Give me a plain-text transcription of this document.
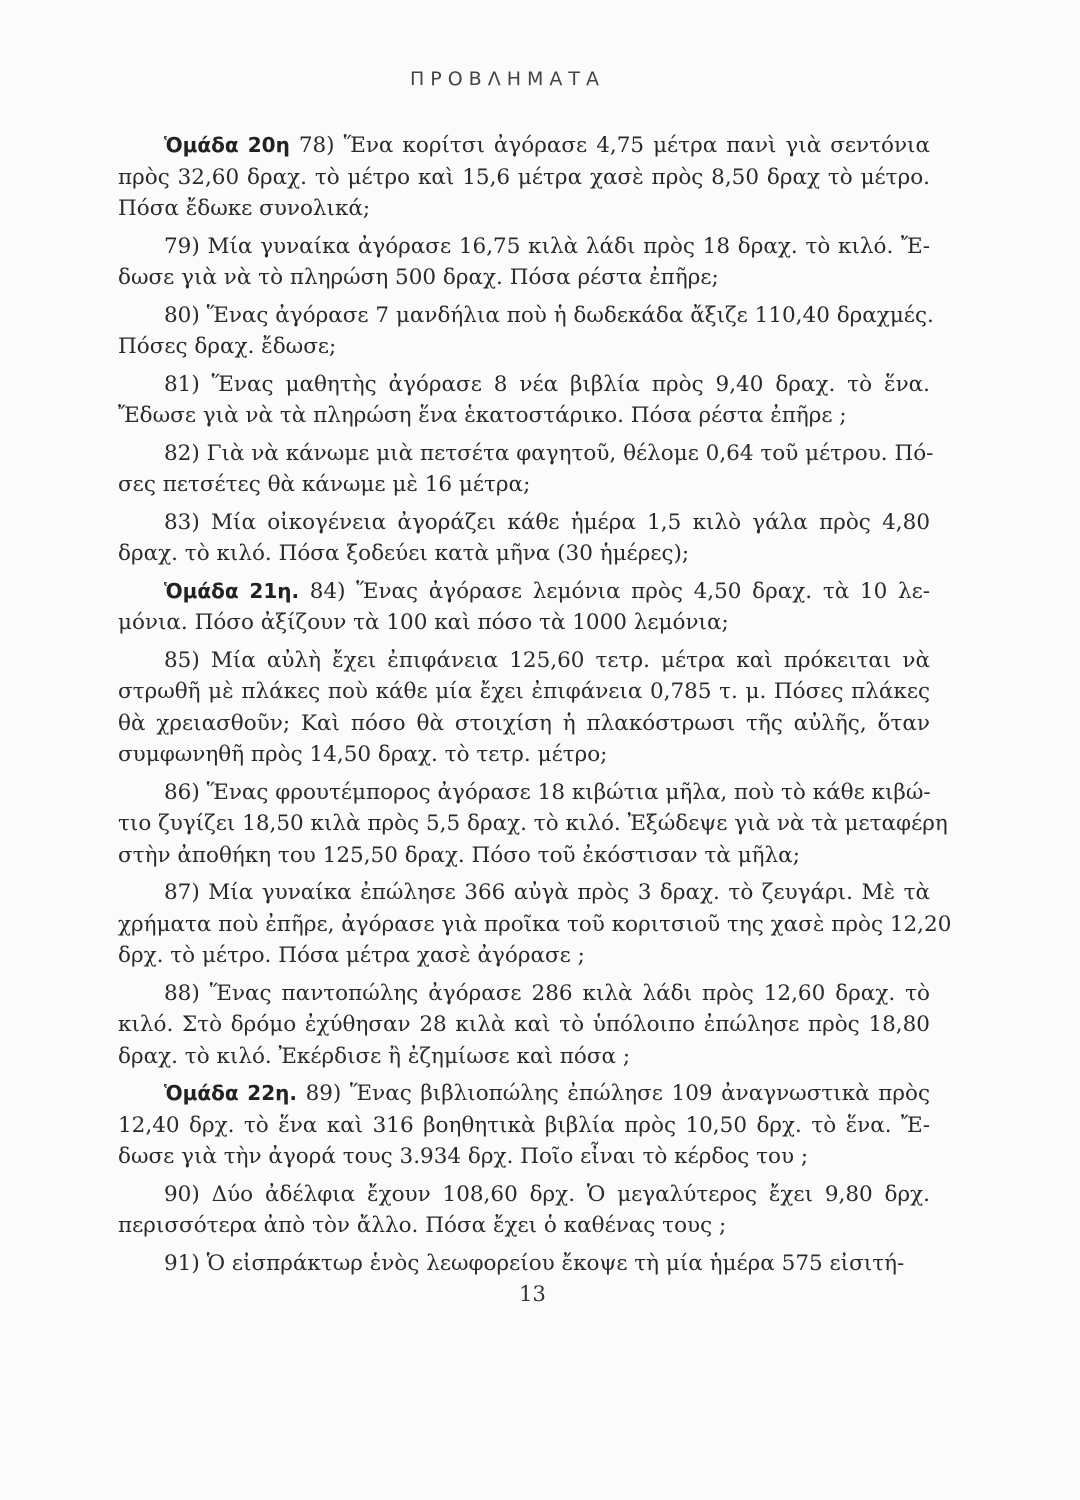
ΠΡΟΒΛΗΜΑΤΑ
Ὁμάδα 20η 78) Ἕνα κορίτσι ἀγόρασε 4,75 μέτρα πανὶ γιὰ σεντόνια
πρὸς 32,60 δραχ. τὸ μέτρο καὶ 15,6 μέτρα χασὲ πρὸς 8,50 δραχ τὸ μέτρο.
Πόσα ἔδωκε συνολικά;
79) Μία γυναίκα ἀγόρασε 16,75 κιλὰ λάδι πρὸς 18 δραχ. τὸ κιλό. Ἔ-
δωσε γιὰ νὰ τὸ πληρώση 500 δραχ. Πόσα ρέστα ἐπῆρε;
80) Ἕνας ἀγόρασε 7 μανδήλια ποὺ ἡ δωδεκάδα ἄξιζε 110,40 δραχμές.
Πόσες δραχ. ἔδωσε;
81) Ἕνας μαθητὴς ἀγόρασε 8 νέα βιβλία πρὸς 9,40 δραχ. τὸ ἕνα.
Ἔδωσε γιὰ νὰ τὰ πληρώση ἕνα ἑκατοστάρικο. Πόσα ρέστα ἐπῆρε ;
82) Γιὰ νὰ κάνωμε μιὰ πετσέτα φαγητοῦ, θέλομε 0,64 τοῦ μέτρου. Πό-
σες πετσέτες θὰ κάνωμε μὲ 16 μέτρα;
83) Μία οἰκογένεια ἀγοράζει κάθε ἡμέρα 1,5 κιλὸ γάλα πρὸς 4,80
δραχ. τὸ κιλό. Πόσα ξοδεύει κατὰ μῆνα (30 ἡμέρες);
Ὁμάδα 21η. 84) Ἕνας ἀγόρασε λεμόνια πρὸς 4,50 δραχ. τὰ 10 λε-
μόνια. Πόσο ἀξίζουν τὰ 100 καὶ πόσο τὰ 1000 λεμόνια;
85) Μία αὐλὴ ἔχει ἐπιφάνεια 125,60 τετρ. μέτρα καὶ πρόκειται νὰ
στρωθῆ μὲ πλάκες ποὺ κάθε μία ἔχει ἐπιφάνεια 0,785 τ. μ. Πόσες πλάκες
θὰ χρειασθοῦν; Καὶ πόσο θὰ στοιχίση ἡ πλακόστρωσι τῆς αὐλῆς, ὅταν
συμφωνηθῆ πρὸς 14,50 δραχ. τὸ τετρ. μέτρο;
86) Ἕνας φρουτέμπορος ἀγόρασε 18 κιβώτια μῆλα, ποὺ τὸ κάθε κιβώ-
τιο ζυγίζει 18,50 κιλὰ πρὸς 5,5 δραχ. τὸ κιλό. Ἐξώδεψε γιὰ νὰ τὰ μεταφέρη
στὴν ἀποθήκη του 125,50 δραχ. Πόσο τοῦ ἐκόστισαν τὰ μῆλα;
87) Μία γυναίκα ἐπώλησε 366 αὐγὰ πρὸς 3 δραχ. τὸ ζευγάρι. Μὲ τὰ
χρήματα ποὺ ἐπῆρε, ἀγόρασε γιὰ προῖκα τοῦ κοριτσιοῦ της χασὲ πρὸς 12,20
δρχ. τὸ μέτρο. Πόσα μέτρα χασὲ ἀγόρασε ;
88) Ἕνας παντοπώλης ἀγόρασε 286 κιλὰ λάδι πρὸς 12,60 δραχ. τὸ
κιλό. Στὸ δρόμο ἐχύθησαν 28 κιλὰ καὶ τὸ ὑπόλοιπο ἐπώλησε πρὸς 18,80
δραχ. τὸ κιλό. Ἐκέρδισε ἢ ἐζημίωσε καὶ πόσα ;
Ὁμάδα 22η. 89) Ἕνας βιβλιοπώλης ἐπώλησε 109 ἀναγνωστικὰ πρὸς
12,40 δρχ. τὸ ἕνα καὶ 316 βοηθητικὰ βιβλία πρὸς 10,50 δρχ. τὸ ἕνα. Ἔ-
δωσε γιὰ τὴν ἀγορά τους 3.934 δρχ. Ποῖο εἶναι τὸ κέρδος του ;
90) Δύο ἀδέλφια ἔχουν 108,60 δρχ. Ὁ μεγαλύτερος ἔχει 9,80 δρχ.
περισσότερα ἀπὸ τὸν ἄλλο. Πόσα ἔχει ὁ καθένας τους ;
91) Ὁ εἰσπράκτωρ ἑνὸς λεωφορείου ἔκοψε τὴ μία ἡμέρα 575 εἰσιτή-
13
